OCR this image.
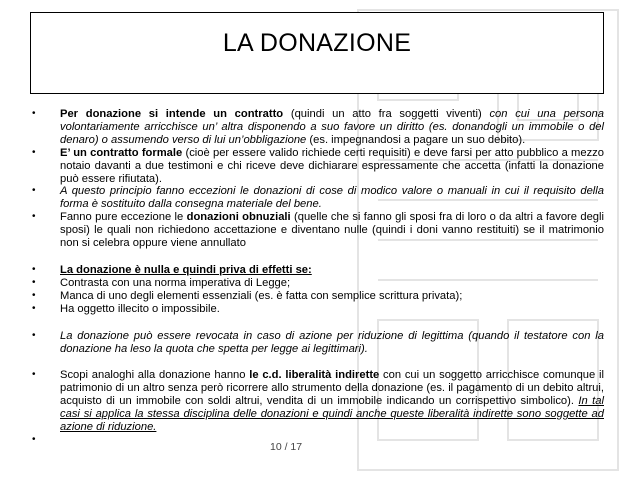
LA DONAZIONE
• Per donazione si intende un contratto (quindi un atto fra soggetti viventi) con cui una persona volontariamente arricchisce un’ altra disponendo a suo favore un diritto (es. donandogli un immobile o del denaro) o assumendo verso di lui un’obbligazione (es. impegnandosi a pagare un suo debito).
• E’ un contratto formale (cioè per essere valido richiede certi requisiti) e deve farsi per atto pubblico a mezzo notaio davanti a due testimoni e chi riceve deve dichiarare espressamente che accetta (infatti la donazione può essere rifiutata).
• A questo principio fanno eccezioni le donazioni di cose di modico valore o manuali in cui il requisito della forma è sostituito dalla consegna materiale del bene.
• Fanno pure eccezione le donazioni obnuziali (quelle che si fanno gli sposi fra di loro o da altri a favore degli sposi) le quali non richiedono accettazione e diventano nulle (quindi i doni vanno restituiti) se il matrimonio non si celebra oppure viene annullato
• La donazione è nulla e quindi priva di effetti se:
• Contrasta con una norma imperativa di Legge;
• Manca di uno degli elementi essenziali (es. è fatta con semplice scrittura privata);
• Ha oggetto illecito o impossibile.
• La donazione può essere revocata in caso di azione per riduzione di legittima (quando il testatore con la donazione ha leso la quota che spetta per legge ai legittimari).
• Scopi analoghi alla donazione hanno le c.d. liberalità indirette con cui un soggetto arricchisce comunque il patrimonio di un altro senza però ricorrere allo strumento della donazione (es. il pagamento di un debito altrui, acquisto di un immobile con soldi altrui, vendita di un immobile indicando un corrispettivo simbolico). In tal casi si applica la stessa disciplina delle donazioni e quindi anche queste liberalità indirette sono soggette ad azione di riduzione.
•
10 / 17
